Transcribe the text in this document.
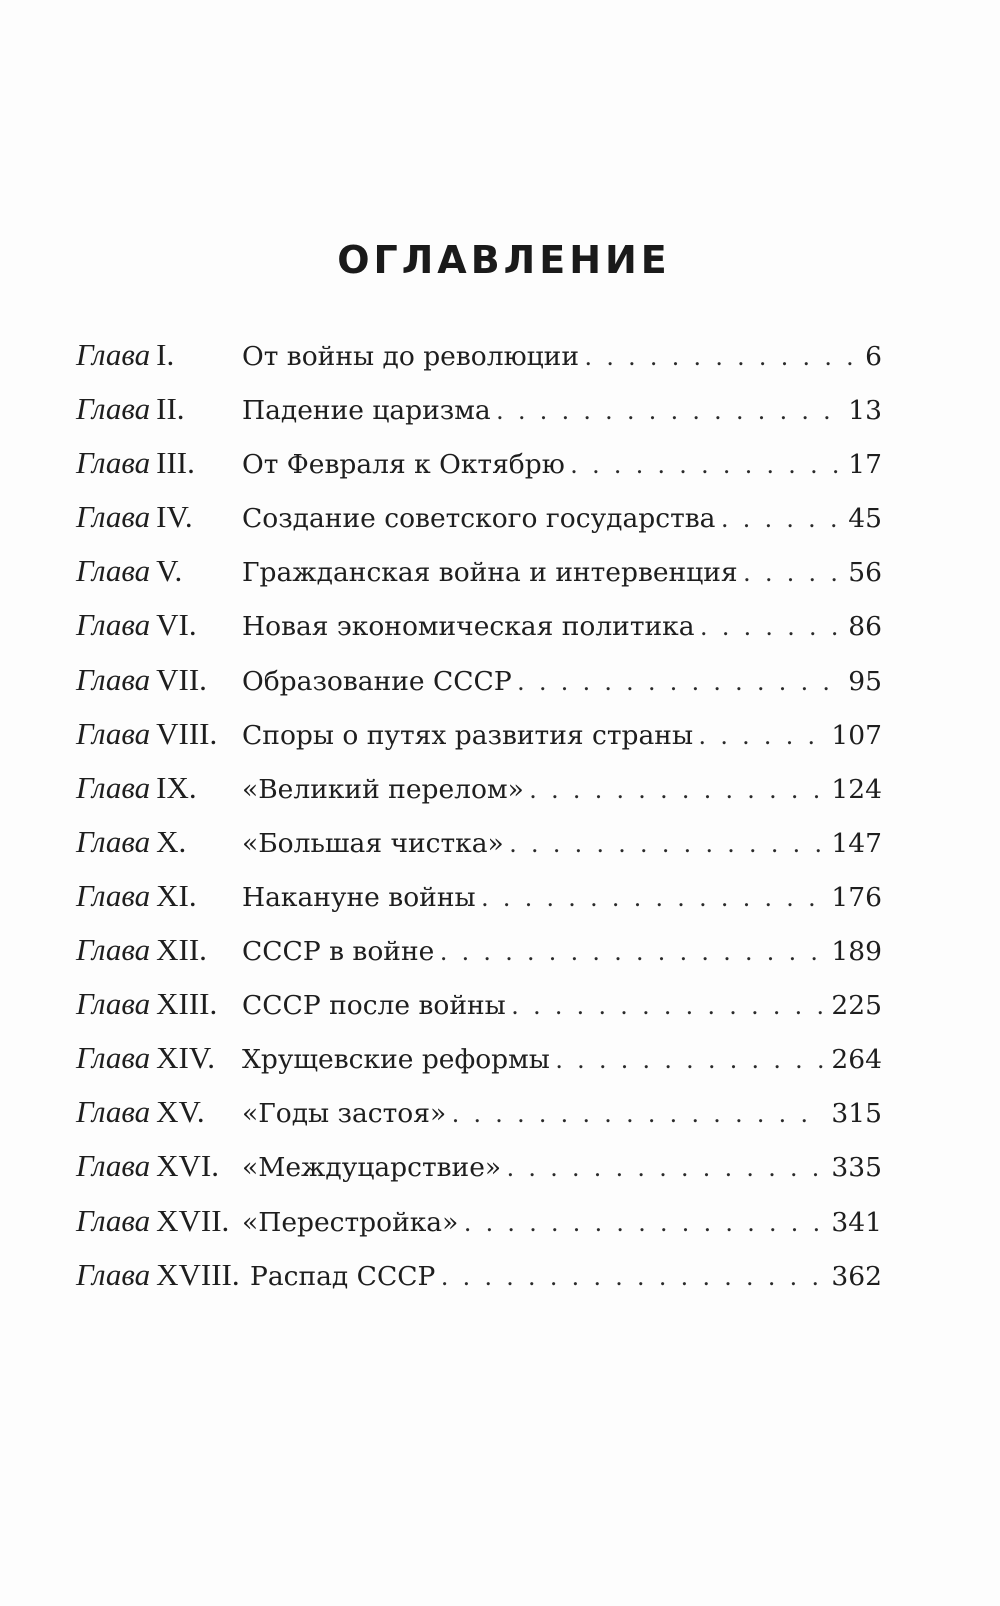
ОГЛАВЛЕНИЕ
Глава I.	От войны до революции . . .	6
Глава II.	Падение царизма . . .	13
Глава III.	От Февраля к Октябрю . . .	17
Глава IV.	Создание советского государства . . .	45
Глава V.	Гражданская война и интервенция . . .	56
Глава VI.	Новая экономическая политика . . .	86
Глава VII.	Образование СССР . . .	95
Глава VIII. Споры о путях развития страны . . .	107
Глава IX.	«Великий перелом» . . .	124
Глава X.	«Большая чистка» . . .	147
Глава XI.	Накануне войны . . .	176
Глава XII.	СССР в войне . . .	189
Глава XIII. СССР после войны . . .	225
Глава XIV.	Хрущевские реформы . . .	264
Глава XV.	«Годы застоя» . . .	315
Глава XVI. «Междуцарствие» . . .	335
Глава XVII. «Перестройка» . . .	341
Глава XVIII. Распад СССР . . .	362
